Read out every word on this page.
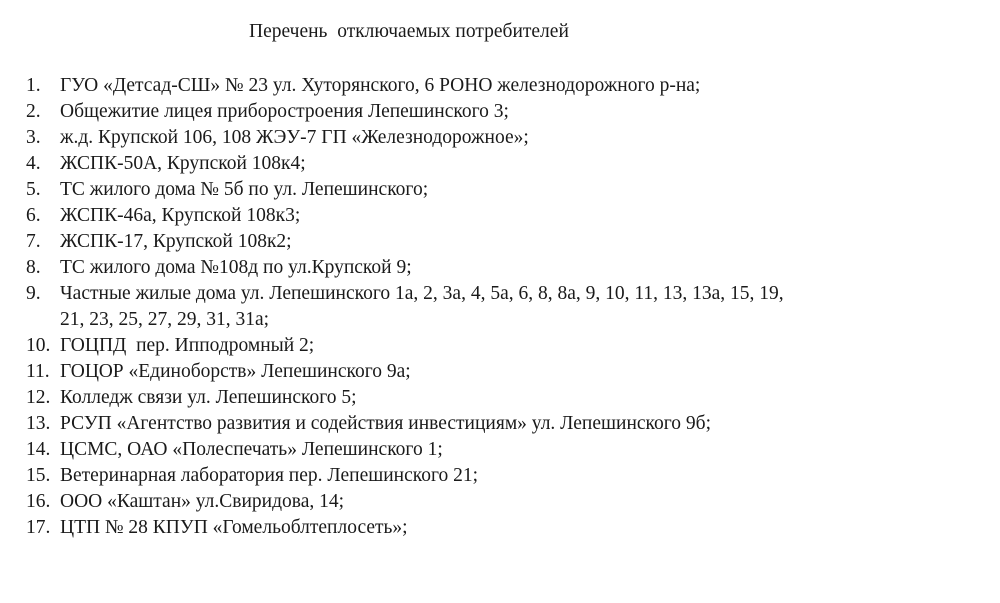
Перечень  отключаемых потребителей
1. ГУО «Детсад-СШ» № 23 ул. Хуторянского, 6 РОНО железнодорожного р-на;
2. Общежитие лицея приборостроения Лепешинского 3;
3. ж.д. Крупской 106, 108 ЖЭУ-7 ГП «Железнодорожное»;
4. ЖСПК-50А, Крупской 108к4;
5. ТС жилого дома № 5б по ул. Лепешинского;
6. ЖСПК-46а, Крупской 108к3;
7. ЖСПК-17, Крупской 108к2;
8. ТС жилого дома №108д по ул.Крупской 9;
9. Частные жилые дома ул. Лепешинского 1а, 2, 3а, 4, 5а, 6, 8, 8а, 9, 10, 11, 13, 13а, 15, 19,
21, 23, 25, 27, 29, 31, 31а;
10. ГОЦПД  пер. Ипподромный 2;
11. ГОЦОР «Единоборств» Лепешинского 9а;
12. Колледж связи ул. Лепешинского 5;
13. РСУП «Агентство развития и содействия инвестициям» ул. Лепешинского 9б;
14. ЦСМС, ОАО «Полеспечать» Лепешинского 1;
15. Ветеринарная лаборатория пер. Лепешинского 21;
16. ООО «Каштан» ул.Свиридова, 14;
17. ЦТП № 28 КПУП «Гомельоблтеплосеть»;
